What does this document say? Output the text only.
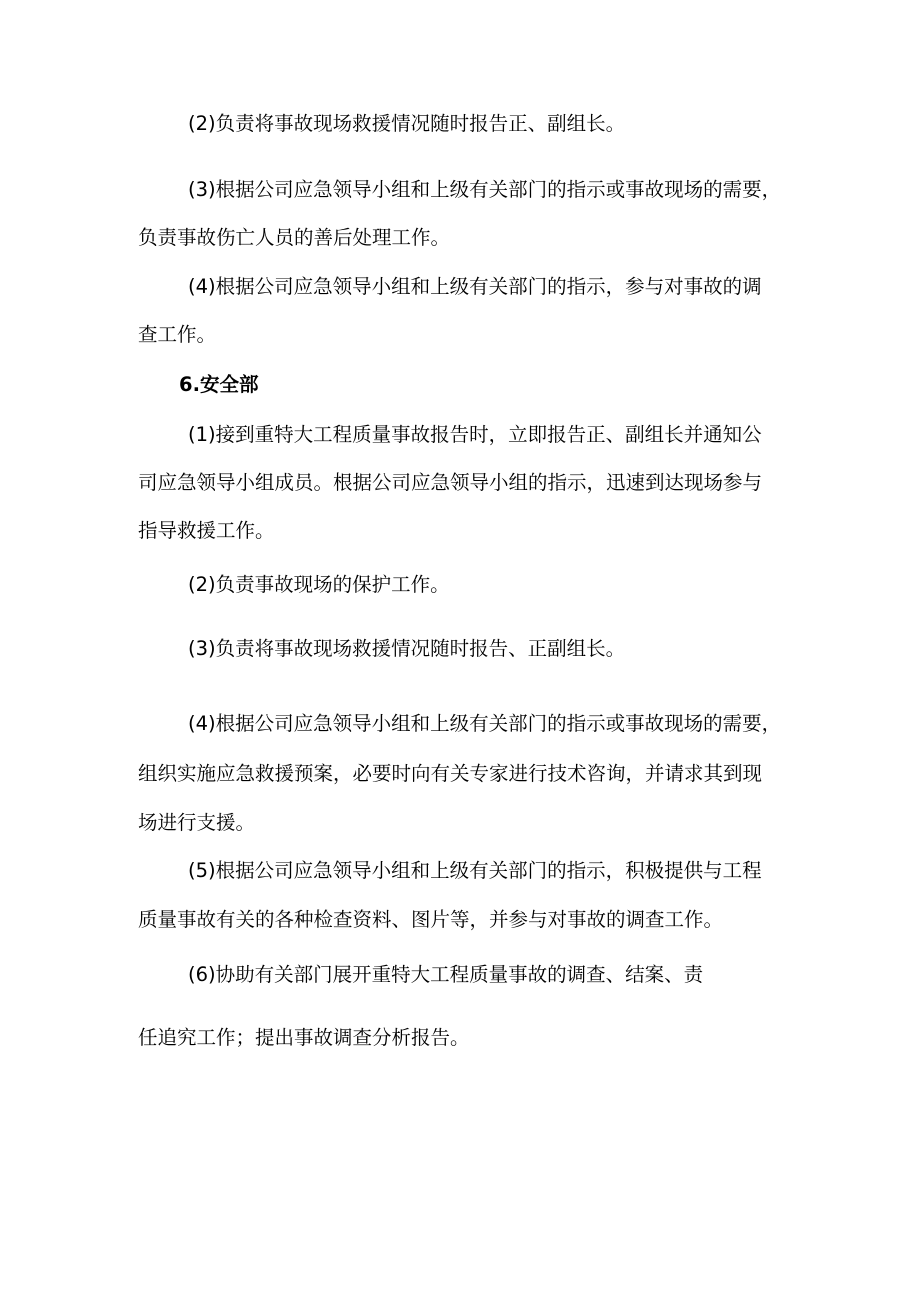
(2)负责将事故现场救援情况随时报告正、副组长。
(3)根据公司应急领导小组和上级有关部门的指示或事故现场的需要，
负责事故伤亡人员的善后处理工作。
(4)根据公司应急领导小组和上级有关部门的指示，参与对事故的调
查工作。
6.安全部
(1)接到重特大工程质量事故报告时，立即报告正、副组长并通知公
司应急领导小组成员。根据公司应急领导小组的指示，迅速到达现场参与
指导救援工作。
(2)负责事故现场的保护工作。
(3)负责将事故现场救援情况随时报告、正副组长。
(4)根据公司应急领导小组和上级有关部门的指示或事故现场的需要，
组织实施应急救援预案，必要时向有关专家进行技术咨询，并请求其到现
场进行支援。
(5)根据公司应急领导小组和上级有关部门的指示，积极提供与工程
质量事故有关的各种检查资料、图片等，并参与对事故的调查工作。
(6)协助有关部门展开重特大工程质量事故的调查、结案、责
任追究工作；提出事故调查分析报告。
